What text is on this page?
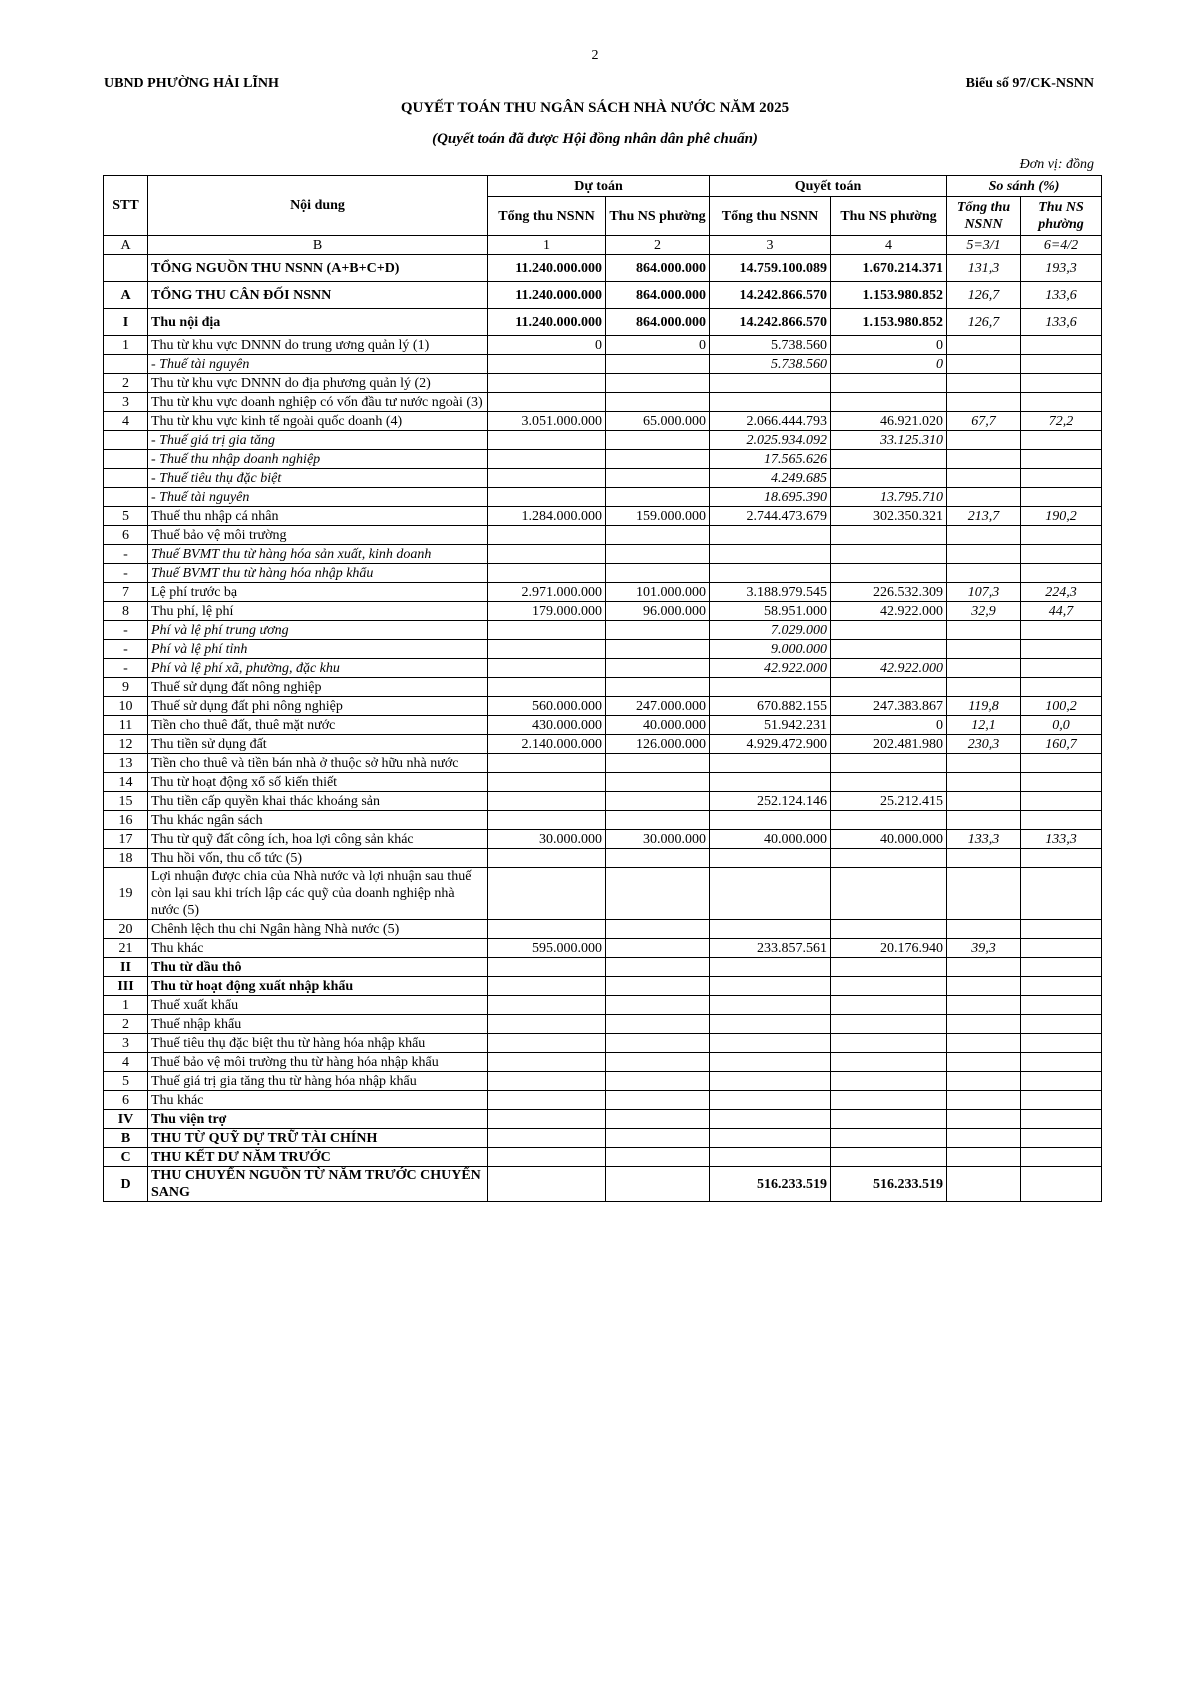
2
UBND PHƯỜNG HẢI LĨNH	Biểu số 97/CK-NSNN
QUYẾT TOÁN THU NGÂN SÁCH NHÀ NƯỚC NĂM 2025
(Quyết toán đã được Hội đồng nhân dân phê chuẩn)
Đơn vị: đồng
STT	Nội dung	Dự toán		Quyết toán		So sánh (%)	
		Tổng thu NSNN	Thu NS phường	Tổng thu NSNN	Thu NS phường	Tổng thu NSNN	Thu NS phường
A	B	1	2	3	4	5=3/1	6=4/2
	TỔNG NGUỒN THU NSNN (A+B+C+D)	11.240.000.000	864.000.000	14.759.100.089	1.670.214.371	131,3	193,3
A	TỔNG THU CÂN ĐỐI NSNN	11.240.000.000	864.000.000	14.242.866.570	1.153.980.852	126,7	133,6
I	Thu nội địa	11.240.000.000	864.000.000	14.242.866.570	1.153.980.852	126,7	133,6
1	Thu từ khu vực DNNN do trung ương quản lý (1)	0	0	5.738.560	0		
	- Thuế tài nguyên			5.738.560	0		
2	Thu từ khu vực DNNN do địa phương quản lý (2)						
3	Thu từ khu vực doanh nghiệp có vốn đầu tư nước ngoài (3)						
4	Thu từ khu vực kinh tế ngoài quốc doanh (4)	3.051.000.000	65.000.000	2.066.444.793	46.921.020	67,7	72,2
	- Thuế giá trị gia tăng			2.025.934.092	33.125.310		
	- Thuế thu nhập doanh nghiệp			17.565.626			
	- Thuế tiêu thụ đặc biệt			4.249.685			
	- Thuế tài nguyên			18.695.390	13.795.710		
5	Thuế thu nhập cá nhân	1.284.000.000	159.000.000	2.744.473.679	302.350.321	213,7	190,2
6	Thuế bảo vệ môi trường						
-	Thuế BVMT thu từ hàng hóa sản xuất, kinh doanh						
-	Thuế BVMT thu từ hàng hóa nhập khẩu						
7	Lệ phí trước bạ	2.971.000.000	101.000.000	3.188.979.545	226.532.309	107,3	224,3
8	Thu phí, lệ phí	179.000.000	96.000.000	58.951.000	42.922.000	32,9	44,7
-	Phí và lệ phí trung ương			7.029.000			
-	Phí và lệ phí tỉnh			9.000.000			
-	Phí và lệ phí xã, phường, đặc khu			42.922.000	42.922.000		
9	Thuế sử dụng đất nông nghiệp						
10	Thuế sử dụng đất phi nông nghiệp	560.000.000	247.000.000	670.882.155	247.383.867	119,8	100,2
11	Tiền cho thuê đất, thuê mặt nước	430.000.000	40.000.000	51.942.231	0	12,1	0,0
12	Thu tiền sử dụng đất	2.140.000.000	126.000.000	4.929.472.900	202.481.980	230,3	160,7
13	Tiền cho thuê và tiền bán nhà ở thuộc sở hữu nhà nước						
14	Thu từ hoạt động xổ số kiến thiết						
15	Thu tiền cấp quyền khai thác khoáng sản			252.124.146	25.212.415		
16	Thu khác ngân sách						
17	Thu từ quỹ đất công ích, hoa lợi công sản khác	30.000.000	30.000.000	40.000.000	40.000.000	133,3	133,3
18	Thu hồi vốn, thu cổ tức (5)						
19	Lợi nhuận được chia của Nhà nước và lợi nhuận sau thuế còn lại sau khi trích lập các quỹ của doanh nghiệp nhà nước (5)						
20	Chênh lệch thu chi Ngân hàng Nhà nước (5)						
21	Thu khác	595.000.000		233.857.561	20.176.940	39,3	
II	Thu từ dầu thô						
III	Thu từ hoạt động xuất nhập khẩu						
1	Thuế xuất khẩu						
2	Thuế nhập khẩu						
3	Thuế tiêu thụ đặc biệt thu từ hàng hóa nhập khẩu						
4	Thuế bảo vệ môi trường thu từ hàng hóa nhập khẩu						
5	Thuế giá trị gia tăng thu từ hàng hóa nhập khẩu						
6	Thu khác						
IV	Thu viện trợ						
B	THU TỪ QUỸ DỰ TRỮ TÀI CHÍNH						
C	THU KẾT DƯ NĂM TRƯỚC						
D	THU CHUYỂN NGUỒN TỪ NĂM TRƯỚC CHUYỂN SANG			516.233.519	516.233.519		
